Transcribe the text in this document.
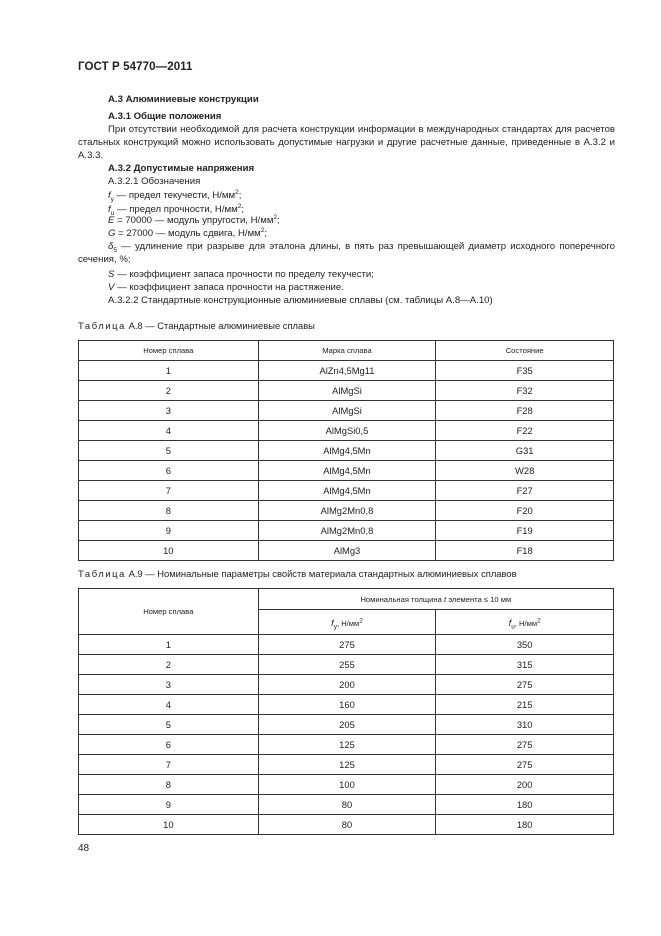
ГОСТ Р 54770—2011
А.3 Алюминиевые конструкции
А.3.1 Общие положения
При отсутствии необходимой для расчета конструкции информации в международных стандартах для расчетов стальных конструкций можно использовать допустимые нагрузки и другие расчетные данные, приведенные в А.3.2 и А.3.3.
А.3.2 Допустимые напряжения
А.3.2.1 Обозначения
$f_y$ — предел текучести, $Н/мм^2$;
$f_u$ — предел прочности, $Н/мм^2$;
E = 70000 — модуль упругости, $Н/мм^2$;
G = 27000 — модуль сдвига, $Н/мм^2$;
$\delta_5$ — удлинение при разрыве для эталона длины, в пять раз превышающей диаметр исходного поперечного сечения, %;
S — коэффициент запаса прочности по пределу текучести;
V — коэффициент запаса прочности на растяжение.
А.3.2.2 Стандартные конструкционные алюминиевые сплавы (см. таблицы А.8—А.10)
Таблица А.8 — Стандартные алюминиевые сплавы
Номер сплава	Марка сплава	Состояние
1	AlZn4,5Mg11	F35
2	AlMgSi	F32
3	AlMgSi	F28
4	AlMgSi0,5	F22
5	AlMg4,5Mn	G31
6	AlMg4,5Mn	W28
7	AlMg4,5Mn	F27
8	AlMg2Mn0,8	F20
9	AlMg2Mn0,8	F19
10	AlMg3	F18
Таблица А.9 — Номинальные параметры свойств материала стандартных алюминиевых сплавов
Номер сплава	Номинальная толщина t элемента ≤ 10 мм	
	$f_y$, $Н/мм^2$	$f_u$, $Н/мм^2$
1	275	350
2	255	315
3	200	275
4	160	215
5	205	310
6	125	275
7	125	275
8	100	200
9	80	180
10	80	180
48
